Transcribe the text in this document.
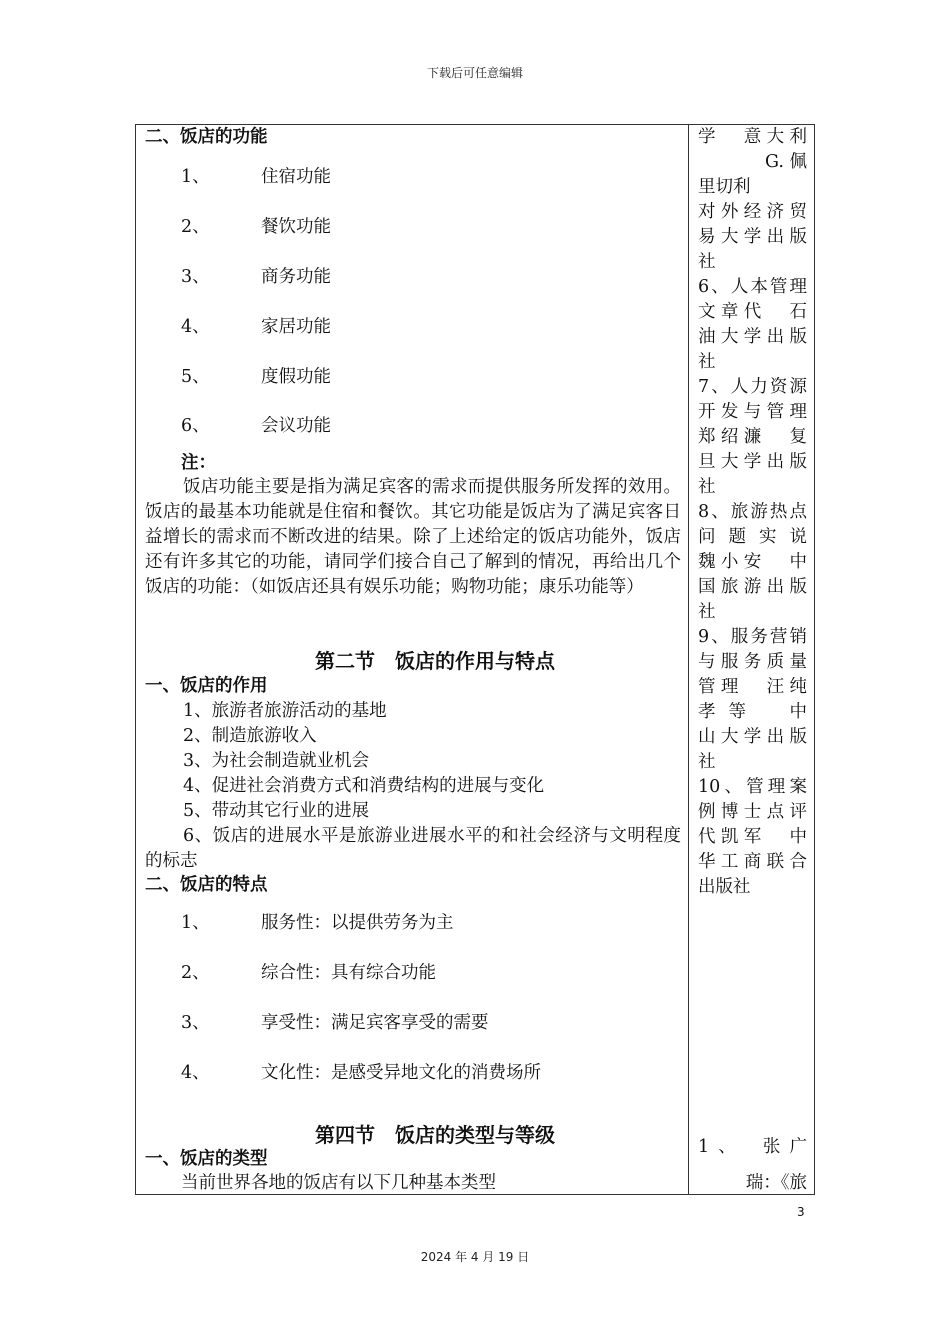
下载后可任意编辑
二、饭店的功能
1、	住宿功能
2、	餐饮功能
3、	商务功能
4、	家居功能
5、	度假功能
6、	会议功能
注：
饭店功能主要是指为满足宾客的需求而提供服务所发挥的效用。饭店的最基本功能就是住宿和餐饮。其它功能是饭店为了满足宾客日益增长的需求而不断改进的结果。除了上述给定的饭店功能外，饭店还有许多其它的功能，请同学们接合自己了解到的情况，再给出几个饭店的功能：（如饭店还具有娱乐功能；购物功能；康乐功能等）
第二节　饭店的作用与特点
一、饭店的作用
1、旅游者旅游活动的基地
2、制造旅游收入
3、为社会制造就业机会
4、促进社会消费方式和消费结构的进展与变化
5、带动其它行业的进展
6、饭店的进展水平是旅游业进展水平的和社会经济与文明程度的标志
二、饭店的特点
1、	服务性：以提供劳务为主
2、	综合性：具有综合功能
3、	享受性：满足宾客享受的需要
4、	文化性：是感受异地文化的消费场所
第四节　饭店的类型与等级
一、饭店的类型
当前世界各地的饭店有以下几种基本类型
学　意大利
G. 佩
里切利
对外经济贸
易大学出版
社
6、人本管理
文章代　石
油大学出版
社
7、人力资源
开发与管理
郑绍濂　复
旦大学出版
社
8、旅游热点
问题实说
魏小安　中
国旅游出版
社
9、服务营销
与服务质量
管理　汪纯
孝等　中
山大学出版
社
10、管理案
例博士点评
代凯军　中
华工商联合
出版社
1、　张广
瑞：《旅
3
2024 年 4 月 19 日
